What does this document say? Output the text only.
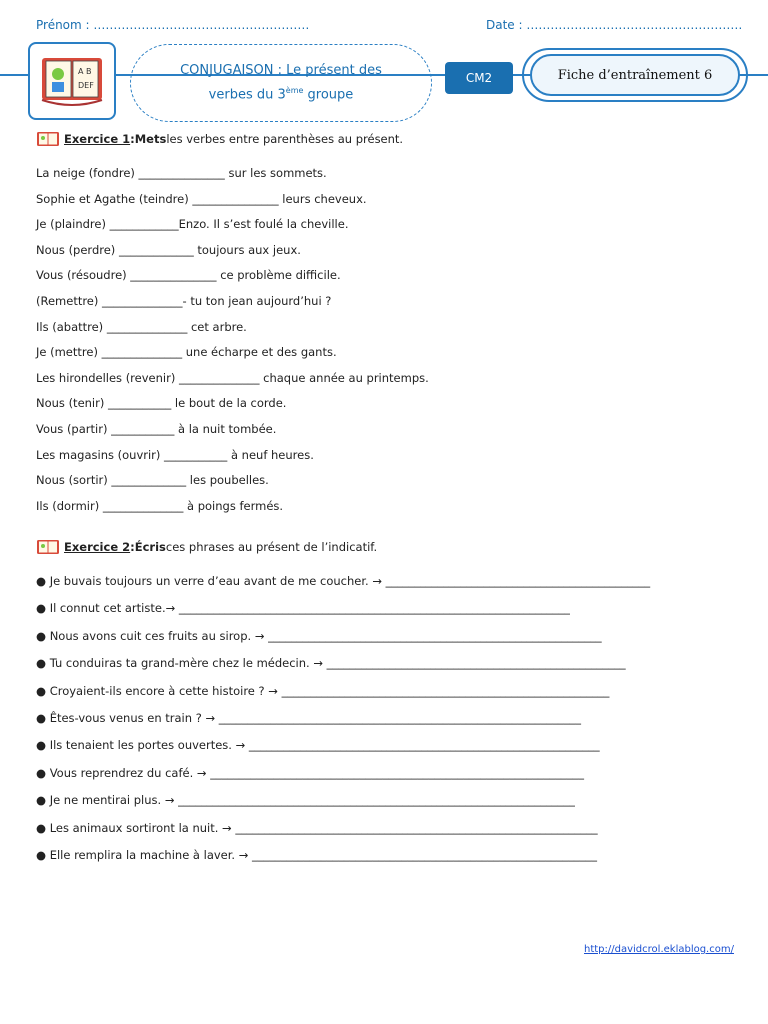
Prénom : ………………………………………………	Date : ………………………………………………
A B
DEF
CONJUGAISON : Le présent des
verbes du 3ème groupe
CM2	Fiche d’entraînement 6
Exercice 1 : Mets les verbes entre parenthèses au présent.
La neige (fondre) _______________ sur les sommets.
Sophie et Agathe (teindre) _______________ leurs cheveux.
Je (plaindre) ____________Enzo. Il s’est foulé la cheville.
Nous (perdre) _____________ toujours aux jeux.
Vous (résoudre) _______________ ce problème difficile.
(Remettre) ______________- tu ton jean aujourd’hui ?
Ils (abattre) ______________ cet arbre.
Je (mettre) ______________ une écharpe et des gants.
Les hirondelles (revenir) ______________ chaque année au printemps.
Nous (tenir) ___________ le bout de la corde.
Vous (partir) ___________ à la nuit tombée.
Les magasins (ouvrir) ___________ à neuf heures.
Nous (sortir) _____________ les poubelles.
Ils (dormir) ______________ à poings fermés.
Exercice 2 : Écris ces phrases au présent de l’indicatif.
● Je buvais toujours un verre d’eau avant de me coucher. → ______________________________________________
● Il connut cet artiste.→ ____________________________________________________________________
● Nous avons cuit ces fruits au sirop. → __________________________________________________________
● Tu conduiras ta grand-mère chez le médecin. → ____________________________________________________
● Croyaient-ils encore à cette histoire ? → _________________________________________________________
● Êtes-vous venus en train ? → _______________________________________________________________
● Ils tenaient les portes ouvertes. → _____________________________________________________________
● Vous reprendrez du café. → _________________________________________________________________
● Je ne mentirai plus. → _____________________________________________________________________
● Les animaux sortiront la nuit. → _______________________________________________________________
● Elle remplira la machine à laver. → ____________________________________________________________
http://davidcrol.eklablog.com/
